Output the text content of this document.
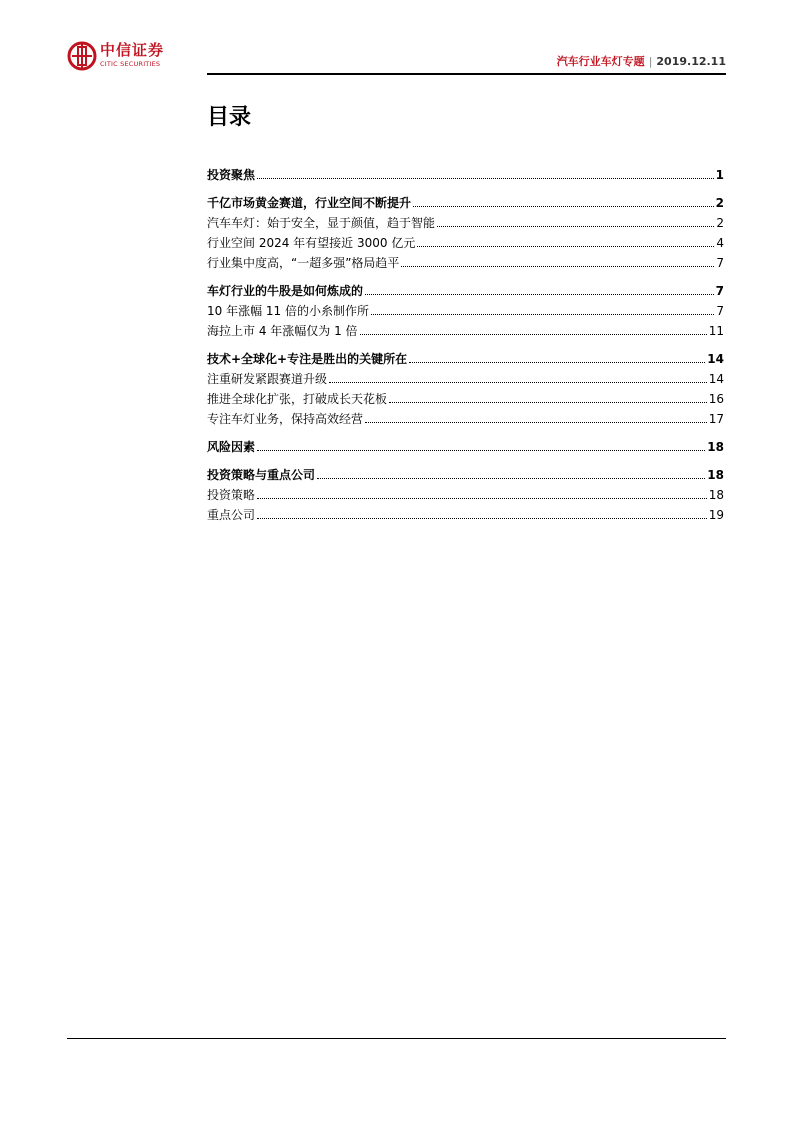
中信证券
CITIC SECURITIES	汽车行业车灯专题 | 2019.12.11
目录
投资聚焦	1
千亿市场黄金赛道，行业空间不断提升	2
汽车车灯：始于安全，显于颜值，趋于智能	2
行业空间 2024 年有望接近 3000 亿元	4
行业集中度高，“一超多强”格局趋平	7
车灯行业的牛股是如何炼成的	7
10 年涨幅 11 倍的小糸制作所	7
海拉上市 4 年涨幅仅为 1 倍	11
技术+全球化+专注是胜出的关键所在	14
注重研发紧跟赛道升级	14
推进全球化扩张，打破成长天花板	16
专注车灯业务，保持高效经营	17
风险因素	18
投资策略与重点公司	18
投资策略	18
重点公司	19
